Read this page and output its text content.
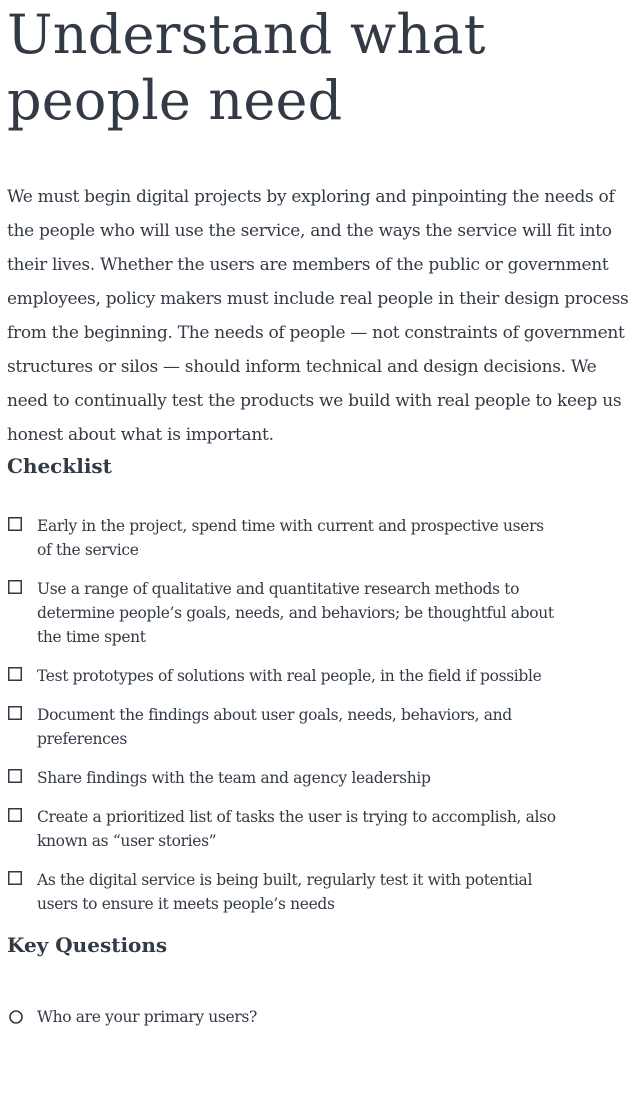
Understand what people need

We must begin digital projects by exploring and pinpointing the needs of the people who will use the service, and the ways the service will fit into their lives. Whether the users are members of the public or government employees, policy makers must include real people in their design process from the beginning. The needs of people — not constraints of government structures or silos — should inform technical and design decisions. We need to continually test the products we build with real people to keep us honest about what is important.

Checklist
Early in the project, spend time with current and prospective users of the service
Use a range of qualitative and quantitative research methods to determine people’s goals, needs, and behaviors; be thoughtful about the time spent
Test prototypes of solutions with real people, in the field if possible
Document the findings about user goals, needs, behaviors, and preferences
Share findings with the team and agency leadership
Create a prioritized list of tasks the user is trying to accomplish, also known as “user stories”
As the digital service is being built, regularly test it with potential users to ensure it meets people’s needs
Key Questions
Who are your primary users?
